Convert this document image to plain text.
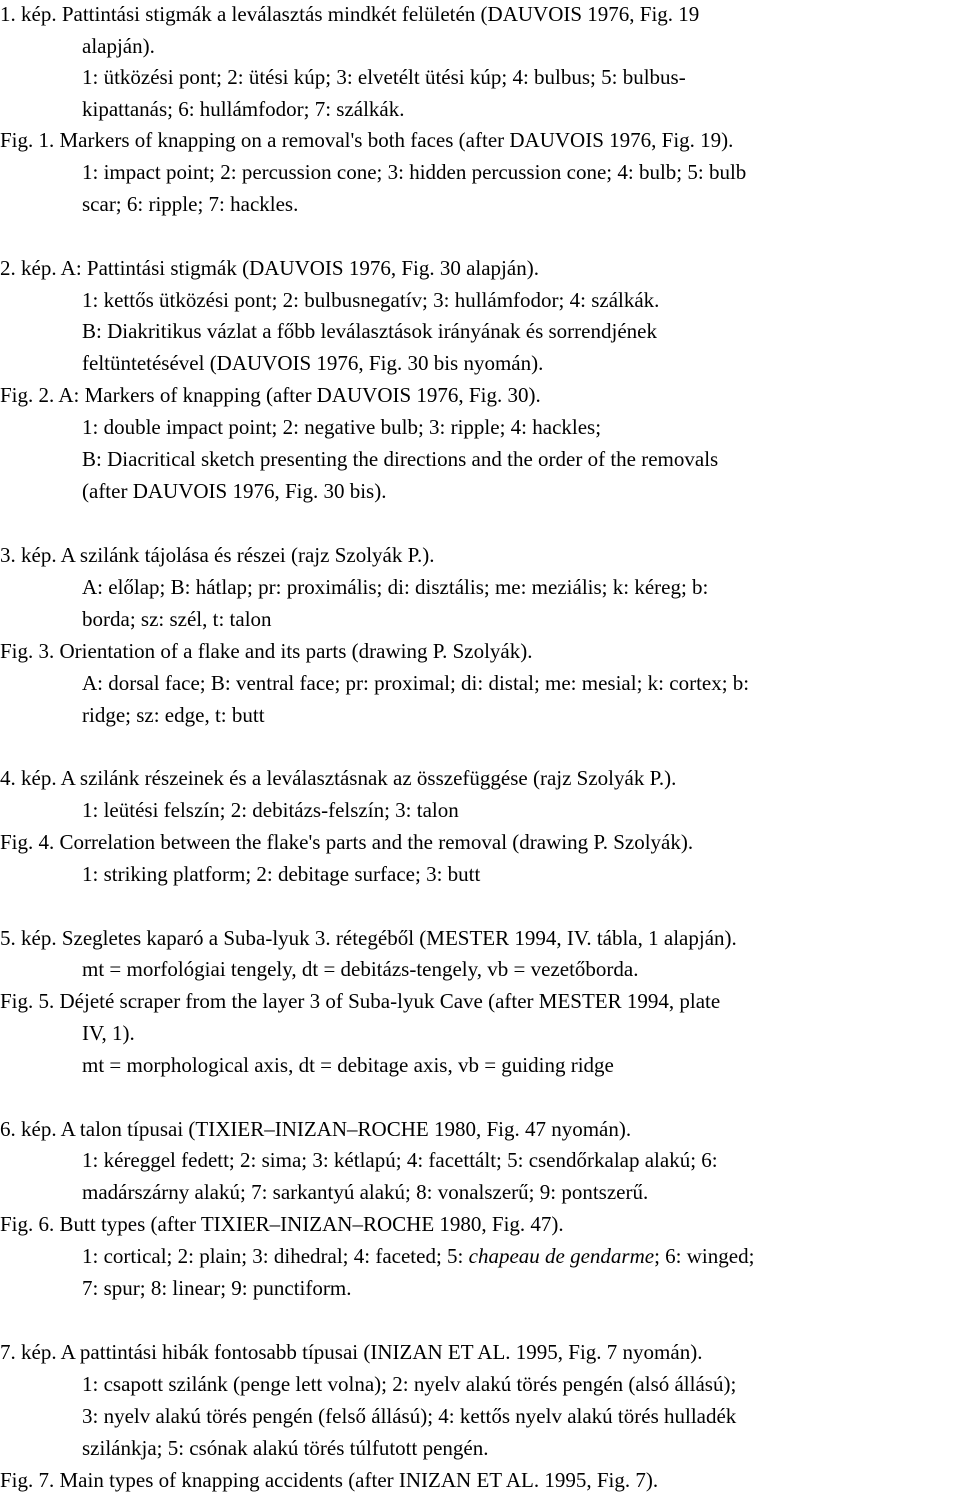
1. kép. Pattintási stigmák a leválasztás mindkét felületén (DAUVOIS 1976, Fig. 19
alapján).
1: ütközési pont; 2: ütési kúp; 3: elvetélt ütési kúp; 4: bulbus; 5: bulbus-
kipattanás; 6: hullámfodor; 7: szálkák.
Fig. 1. Markers of knapping on a removal's both faces (after DAUVOIS 1976, Fig. 19).
1: impact point; 2: percussion cone; 3: hidden percussion cone; 4: bulb; 5: bulb
scar; 6: ripple; 7: hackles.
2. kép. A: Pattintási stigmák (DAUVOIS 1976, Fig. 30 alapján).
1: kettős ütközési pont; 2: bulbusnegatív; 3: hullámfodor; 4: szálkák.
B: Diakritikus vázlat a főbb leválasztások irányának és sorrendjének
feltüntetésével (DAUVOIS 1976, Fig. 30 bis nyomán).
Fig. 2. A: Markers of knapping (after DAUVOIS 1976, Fig. 30).
1: double impact point; 2: negative bulb; 3: ripple; 4: hackles;
B: Diacritical sketch presenting the directions and the order of the removals
(after DAUVOIS 1976, Fig. 30 bis).
3. kép. A szilánk tájolása és részei (rajz Szolyák P.).
A: előlap; B: hátlap; pr: proximális; di: disztális; me: meziális; k: kéreg; b:
borda; sz: szél, t: talon
Fig. 3. Orientation of a flake and its parts (drawing P. Szolyák).
A: dorsal face; B: ventral face; pr: proximal; di: distal; me: mesial; k: cortex; b:
ridge; sz: edge, t: butt
4. kép. A szilánk részeinek és a leválasztásnak az összefüggése (rajz Szolyák P.).
1: leütési felszín; 2: debitázs-felszín; 3: talon
Fig. 4. Correlation between the flake's parts and the removal (drawing P. Szolyák).
1: striking platform; 2: debitage surface; 3: butt
5. kép. Szegletes kaparó a Suba-lyuk 3. rétegéből (MESTER 1994, IV. tábla, 1 alapján).
mt = morfológiai tengely, dt = debitázs-tengely, vb = vezetőborda.
Fig. 5. Déjeté scraper from the layer 3 of Suba-lyuk Cave (after MESTER 1994, plate
IV, 1).
mt = morphological axis, dt = debitage axis, vb = guiding ridge
6. kép. A talon típusai (TIXIER–INIZAN–ROCHE 1980, Fig. 47 nyomán).
1: kéreggel fedett; 2: sima; 3: kétlapú; 4: facettált; 5: csendőrkalap alakú; 6:
madárszárny alakú; 7: sarkantyú alakú; 8: vonalszerű; 9: pontszerű.
Fig. 6. Butt types (after TIXIER–INIZAN–ROCHE 1980, Fig. 47).
1: cortical; 2: plain; 3: dihedral; 4: faceted; 5: chapeau de gendarme; 6: winged;
7: spur; 8: linear; 9: punctiform.
7. kép. A pattintási hibák fontosabb típusai (INIZAN ET AL. 1995, Fig. 7 nyomán).
1: csapott szilánk (penge lett volna); 2: nyelv alakú törés pengén (alsó állású);
3: nyelv alakú törés pengén (felső állású); 4: kettős nyelv alakú törés hulladék
szilánkja; 5: csónak alakú törés túlfutott pengén.
Fig. 7. Main types of knapping accidents (after INIZAN ET AL. 1995, Fig. 7).
